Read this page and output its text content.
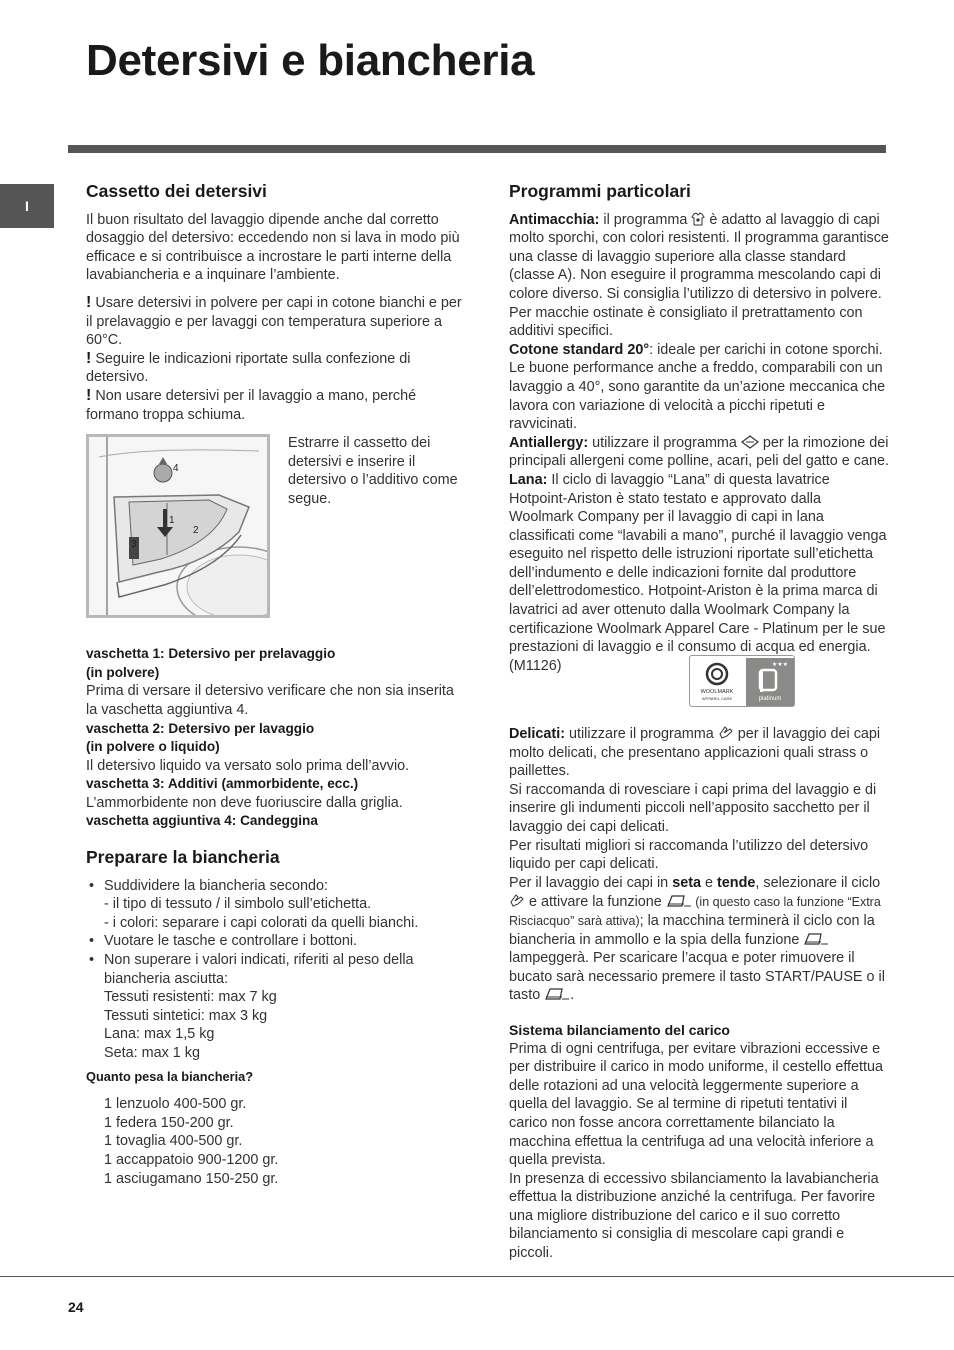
Detersivi e biancheria
I
Cassetto dei detersivi

Il buon risultato del lavaggio dipende anche dal corretto dosaggio del detersivo: eccedendo non si lava in modo più efficace e si contribuisce a incrostare le parti interne della lavabiancheria e a inquinare l’ambiente.

! Usare detersivi in polvere per capi in cotone bianchi e per il prelavaggio e per lavaggi con temperatura superiore a 60°C.

! Seguire le indicazioni riportate sulla confezione di detersivo.

! Non usare detersivi per il lavaggio a mano, perché formano troppa schiuma.

4
1
2
3
Estrarre il cassetto dei detersivi e inserire il detersivo o l’additivo come segue.

vaschetta 1: Detersivo per prelavaggio

(in polvere)

Prima di versare il detersivo verificare che non sia inserita la vaschetta aggiuntiva 4.

vaschetta 2: Detersivo per lavaggio

(in polvere o liquido)

Il detersivo liquido va versato solo prima dell’avvio.

vaschetta 3: Additivi (ammorbidente, ecc.)

L’ammorbidente non deve fuoriuscire dalla griglia.

vaschetta aggiuntiva 4: Candeggina

Preparare la biancheria
• Suddividere la biancheria secondo:
- il tipo di tessuto / il simbolo sull’etichetta.
- i colori: separare i capi colorati da quelli bianchi.
• Vuotare le tasche e controllare i bottoni.
• Non superare i valori indicati, riferiti al peso della biancheria asciutta:
Tessuti resistenti: max 7 kg
Tessuti sintetici: max 3 kg
Lana: max 1,5 kg
Seta: max 1 kg

Quanto pesa la biancheria?

1 lenzuolo 400-500 gr.

1 federa 150-200 gr.

1 tovaglia 400-500 gr.

1 accappatoio 900-1200 gr.

1 asciugamano 150-250 gr.

Programmi particolari

Antimacchia: il programma  è adatto al lavaggio di capi molto sporchi, con colori resistenti. Il programma garantisce una classe di lavaggio superiore alla classe standard (classe A). Non eseguire il programma mescolando capi di colore diverso. Si consiglia l’utilizzo di detersivo in polvere. Per macchie ostinate è consigliato il pretrattamento con additivi specifici.

Cotone standard 20°: ideale per carichi in cotone sporchi. Le buone performance anche a freddo, comparabili con un lavaggio a 40°, sono garantite da un’azione meccanica che lavora con variazione di velocità a picchi ripetuti e ravvicinati.

Antiallergy: utilizzare il programma  per la rimozione dei principali allergeni come polline, acari, peli del gatto e cane.

Lana: Il ciclo di lavaggio “Lana” di questa lavatrice Hotpoint-Ariston è stato testato e approvato dalla Woolmark Company per il lavaggio di capi in lana classificati come “lavabili a mano”, purché il lavaggio venga eseguito nel rispetto delle istruzioni riportate sull’etichetta dell’indumento e delle indicazioni fornite dal produttore dell’elettrodomestico. Hotpoint-Ariston è la prima marca di lavatrici ad aver ottenuto dalla Woolmark Company la certificazione Woolmark Apparel Care - Platinum per le sue prestazioni di lavaggio e il consumo di acqua ed energia. (M1126)

WOOLMARK
APPAREL CARE
★★★
platinum

Delicati: utilizzare il programma  per il lavaggio dei capi molto delicati, che presentano applicazioni quali strass o paillettes.

Si raccomanda di rovesciare i capi prima del lavaggio e di inserire gli indumenti piccoli nell’apposito sacchetto per il lavaggio dei capi delicati.

Per risultati migliori si raccomanda l’utilizzo del detersivo liquido per capi delicati.

Per il lavaggio dei capi in seta e tende, selezionare il ciclo  e attivare la funzione  (in questo caso la funzione “Extra Risciacquo” sarà attiva); la macchina terminerà il ciclo con la biancheria in ammollo e la spia della funzione  lampeggerà. Per scaricare l’acqua e poter rimuovere il bucato sarà necessario premere il tasto START/PAUSE o il tasto .

Sistema bilanciamento del carico

Prima di ogni centrifuga, per evitare vibrazioni eccessive e per distribuire il carico in modo uniforme, il cestello effettua delle rotazioni ad una velocità leggermente superiore a quella del lavaggio. Se al termine di ripetuti tentativi il carico non fosse ancora correttamente bilanciato la macchina effettua la centrifuga ad una velocità inferiore a quella prevista.

In presenza di eccessivo sbilanciamento la lavabiancheria effettua la distribuzione anziché la centrifuga. Per favorire una migliore distribuzione del carico e il suo corretto bilanciamento si consiglia di mescolare capi grandi e piccoli.

24
